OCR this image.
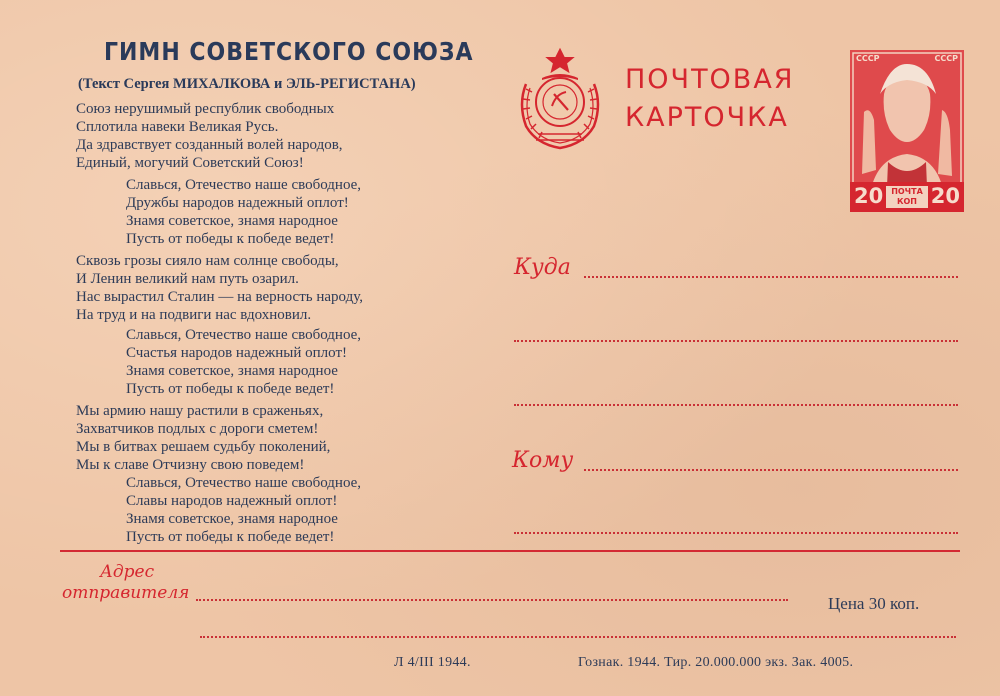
ГИМН СОВЕТСКОГО СОЮЗА
(Текст Сергея МИХАЛКОВА и ЭЛЬ-РЕГИСТАНА)
Союз нерушимый республик свободных
Сплотила навеки Великая Русь.
Да здравствует созданный волей народов,
Единый, могучий Советский Союз!
Славься, Отечество наше свободное,
Дружбы народов надежный оплот!
Знамя советское, знамя народное
Пусть от победы к победе ведет!
Сквозь грозы сияло нам солнце свободы,
И Ленин великий нам путь озарил.
Нас вырастил Сталин — на верность народу,
На труд и на подвиги нас вдохновил.
Славься, Отечество наше свободное,
Счастья народов надежный оплот!
Знамя советское, знамя народное
Пусть от победы к победе ведет!
Мы армию нашу растили в сраженьях,
Захватчиков подлых с дороги сметем!
Мы в битвах решаем судьбу поколений,
Мы к славе Отчизну свою поведем!
Славься, Отечество наше свободное,
Славы народов надежный оплот!
Знамя советское, знамя народное
Пусть от победы к победе ведет!
ПОЧТОВАЯ
КАРТОЧКА
СССР	СССР
20 20
ПОЧТА
КОП
Куда
Кому
Адрес
отправителя
Цена 30 коп.
Л 4/III 1944.	Гознак. 1944. Тир. 20.000.000 экз. Зак. 4005.
